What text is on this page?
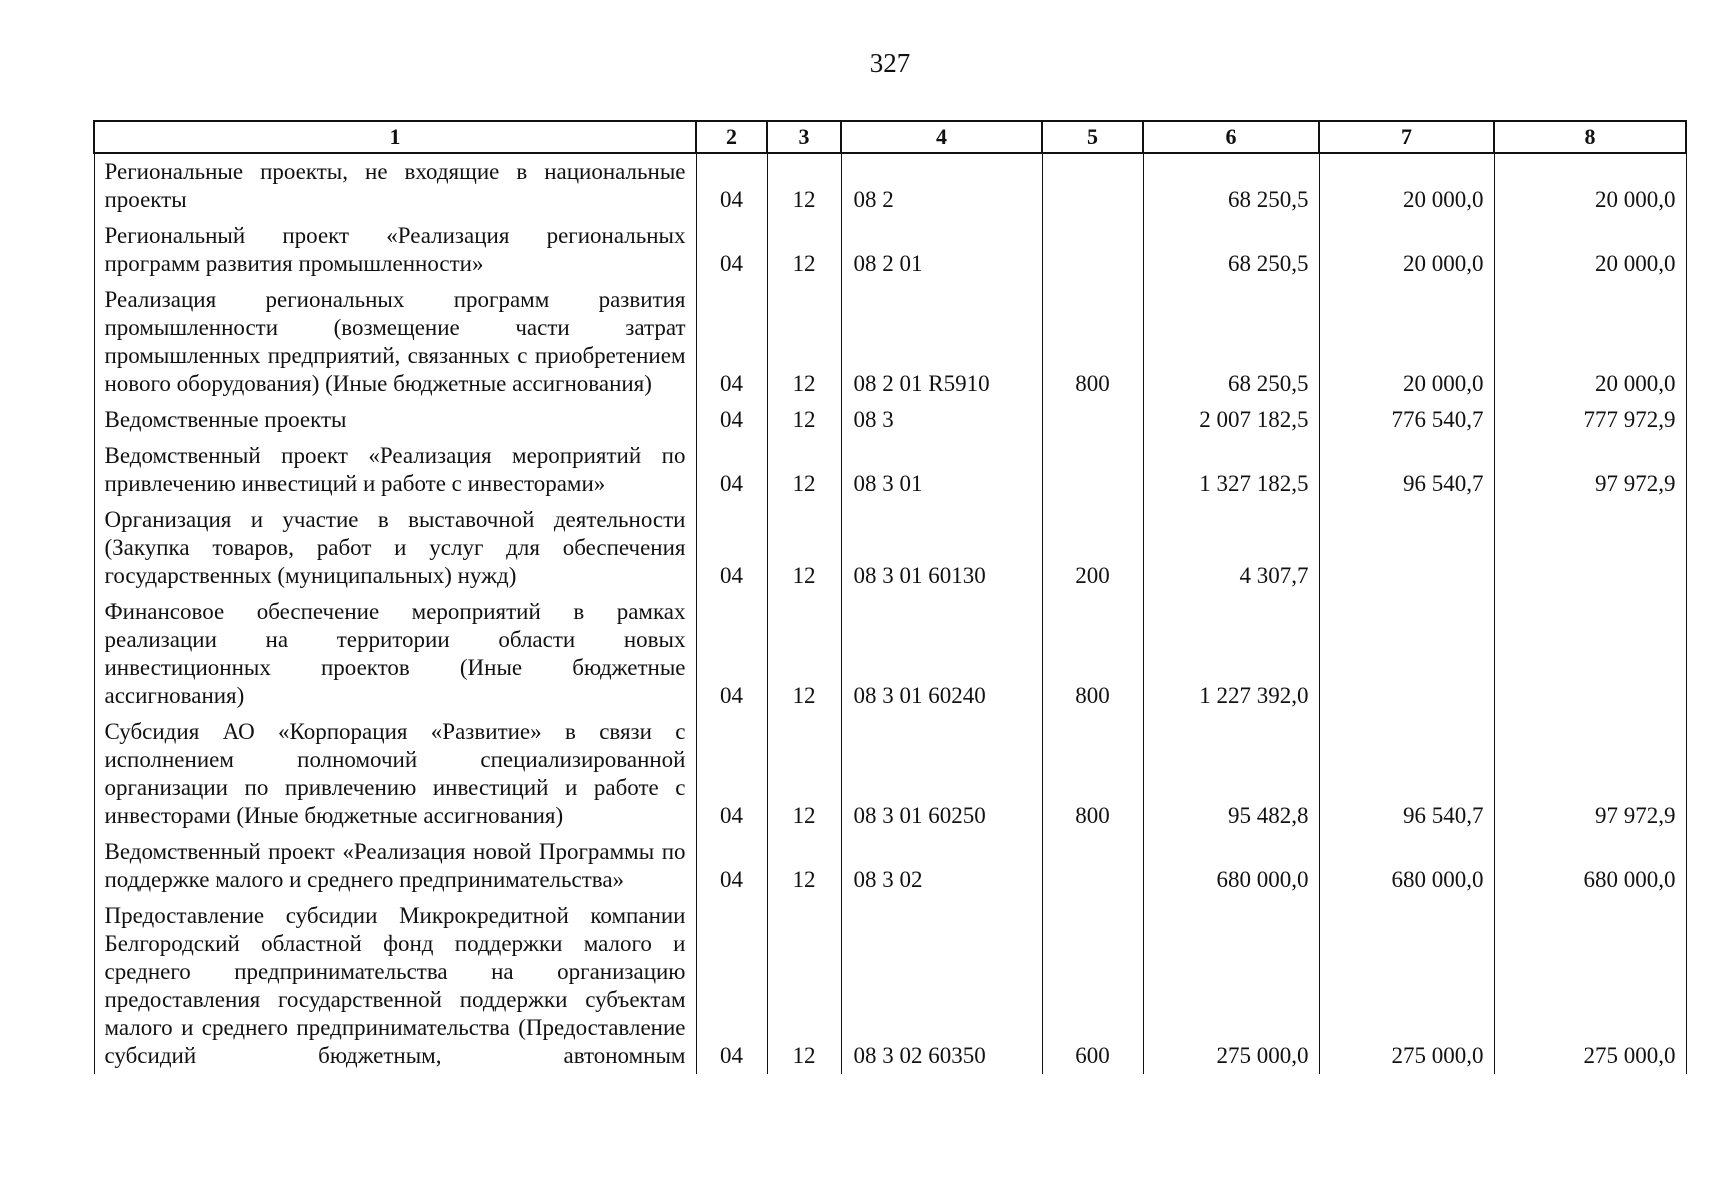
327
1	2	3	4	5	6	7	8
Региональные проекты, не входящие в национальные проекты	04	12	08 2		68 250,5	20 000,0	20 000,0
Региональный проект «Реализация региональных программ развития промышленности»	04	12	08 2 01		68 250,5	20 000,0	20 000,0
Реализация региональных программ развития промышленности (возмещение части затрат промышленных предприятий, связанных с приобретением нового оборудования) (Иные бюджетные ассигнования)	04	12	08 2 01 R5910	800	68 250,5	20 000,0	20 000,0
Ведомственные проекты	04	12	08 3		2 007 182,5	776 540,7	777 972,9
Ведомственный проект «Реализация мероприятий по привлечению инвестиций и работе с инвесторами»	04	12	08 3 01		1 327 182,5	96 540,7	97 972,9
Организация и участие в выставочной деятельности (Закупка товаров, работ и услуг для обеспечения государственных (муниципальных) нужд)	04	12	08 3 01 60130	200	4 307,7		
Финансовое обеспечение мероприятий в рамках реализации на территории области новых инвестиционных проектов (Иные бюджетные ассигнования)	04	12	08 3 01 60240	800	1 227 392,0		
Субсидия АО «Корпорация «Развитие» в связи с исполнением полномочий специализированной организации по привлечению инвестиций и работе с инвесторами (Иные бюджетные ассигнования)	04	12	08 3 01 60250	800	95 482,8	96 540,7	97 972,9
Ведомственный проект «Реализация новой Программы по поддержке малого и среднего предпринимательства»	04	12	08 3 02		680 000,0	680 000,0	680 000,0
Предоставление субсидии Микрокредитной компании Белгородский областной фонд поддержки малого и среднего предпринимательства на организацию предоставления государственной поддержки субъектам малого и среднего предпринимательства (Предоставление субсидий бюджетным, автономным	04	12	08 3 02 60350	600	275 000,0	275 000,0	275 000,0
